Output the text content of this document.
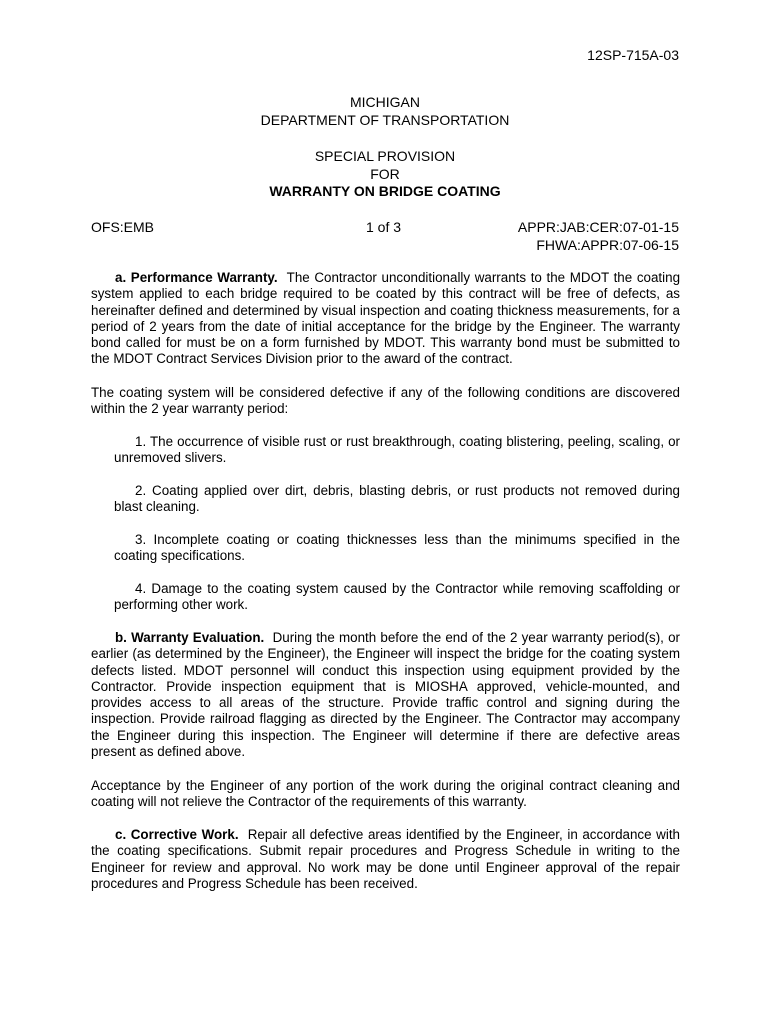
12SP-715A-03
MICHIGAN
DEPARTMENT OF TRANSPORTATION
SPECIAL PROVISION
FOR
WARRANTY ON BRIDGE COATING
OFS:EMB	1 of 3	APPR:JAB:CER:07-01-15
FHWA:APPR:07-06-15
a. Performance Warranty. The Contractor unconditionally warrants to the MDOT the coating system applied to each bridge required to be coated by this contract will be free of defects, as hereinafter defined and determined by visual inspection and coating thickness measurements, for a period of 2 years from the date of initial acceptance for the bridge by the Engineer. The warranty bond called for must be on a form furnished by MDOT. This warranty bond must be submitted to the MDOT Contract Services Division prior to the award of the contract.
The coating system will be considered defective if any of the following conditions are discovered within the 2 year warranty period:
1. The occurrence of visible rust or rust breakthrough, coating blistering, peeling, scaling, or unremoved slivers.
2. Coating applied over dirt, debris, blasting debris, or rust products not removed during blast cleaning.
3. Incomplete coating or coating thicknesses less than the minimums specified in the coating specifications.
4. Damage to the coating system caused by the Contractor while removing scaffolding or performing other work.
b. Warranty Evaluation. During the month before the end of the 2 year warranty period(s), or earlier (as determined by the Engineer), the Engineer will inspect the bridge for the coating system defects listed. MDOT personnel will conduct this inspection using equipment provided by the Contractor. Provide inspection equipment that is MIOSHA approved, vehicle-mounted, and provides access to all areas of the structure. Provide traffic control and signing during the inspection. Provide railroad flagging as directed by the Engineer. The Contractor may accompany the Engineer during this inspection. The Engineer will determine if there are defective areas present as defined above.
Acceptance by the Engineer of any portion of the work during the original contract cleaning and coating will not relieve the Contractor of the requirements of this warranty.
c. Corrective Work. Repair all defective areas identified by the Engineer, in accordance with the coating specifications. Submit repair procedures and Progress Schedule in writing to the Engineer for review and approval. No work may be done until Engineer approval of the repair procedures and Progress Schedule has been received.
